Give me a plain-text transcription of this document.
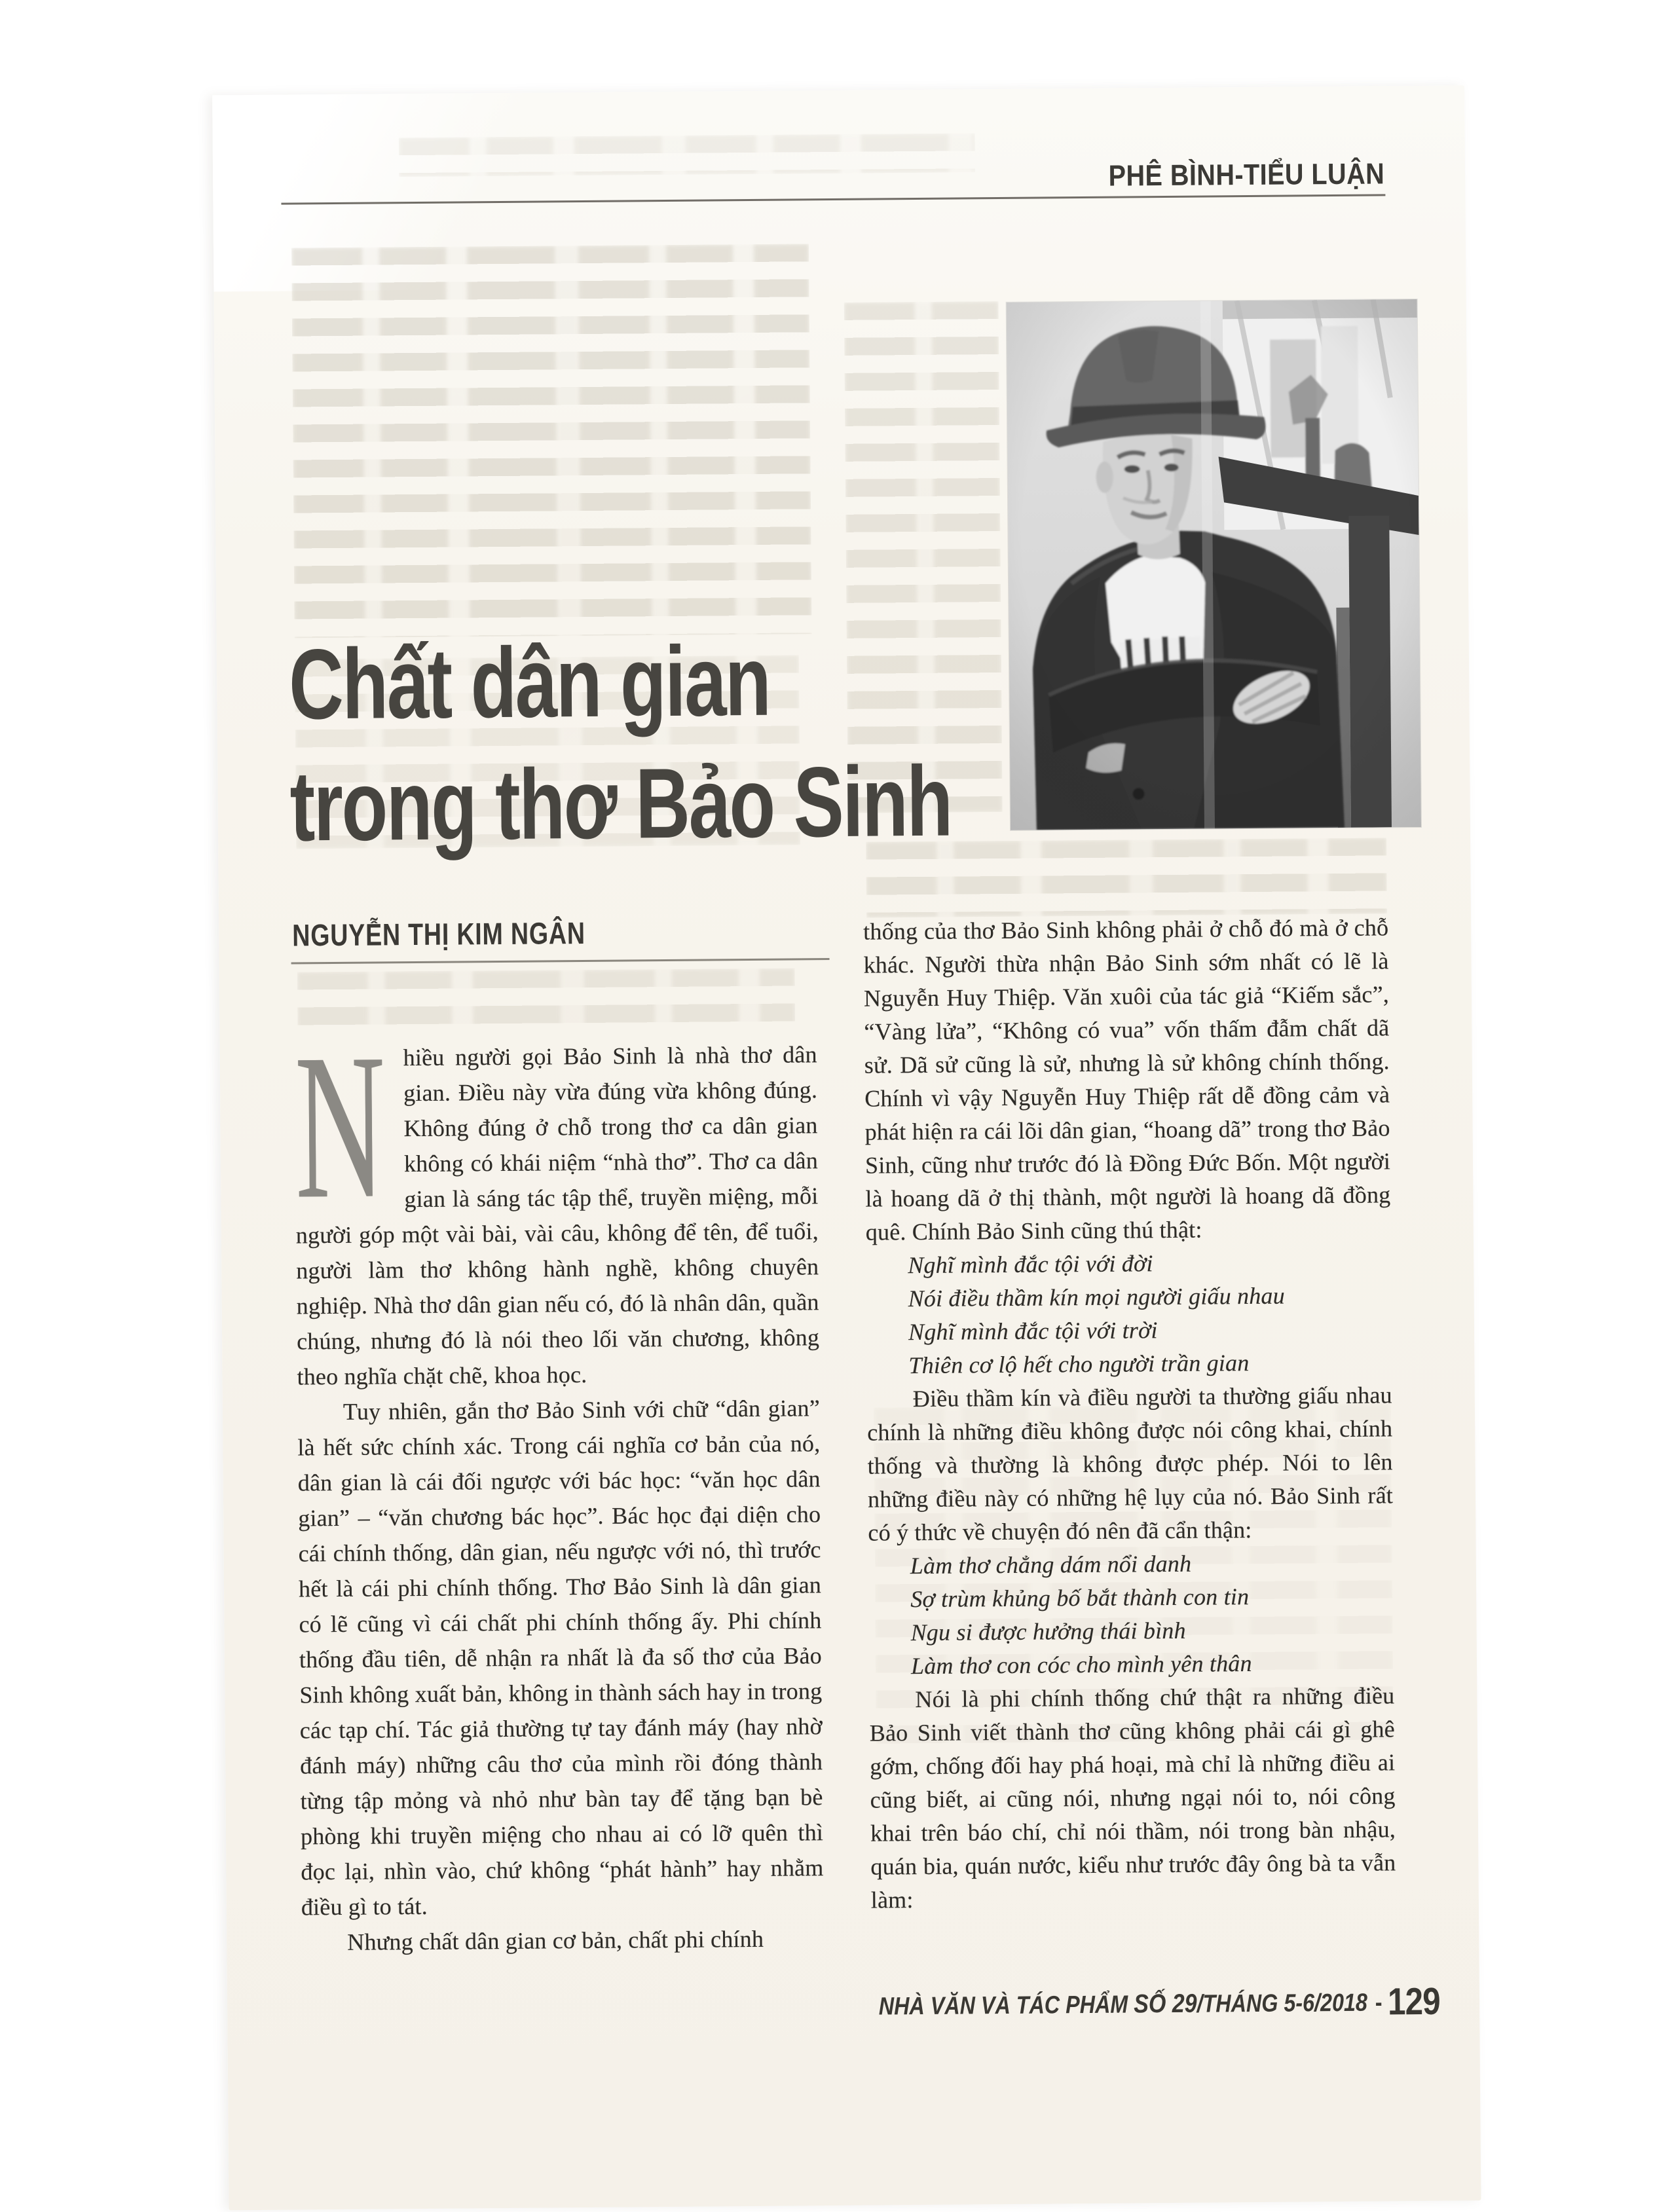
PHÊ BÌNH-TIỂU LUẬN
Chất dân gian
trong thơ Bảo Sinh
NGUYỄN THỊ KIM NGÂN

N hiều người gọi Bảo Sinh là nhà thơ dân gian. Điều này vừa đúng vừa không đúng. Không đúng ở chỗ trong thơ ca dân gian không có khái niệm “nhà thơ”. Thơ ca dân gian là sáng tác tập thể, truyền miệng, mỗi người góp một vài bài, vài câu, không để tên, để tuổi, người làm thơ không hành nghề, không chuyên nghiệp. Nhà thơ dân gian nếu có, đó là nhân dân, quần chúng, nhưng đó là nói theo lối văn chương, không theo nghĩa chặt chẽ, khoa học.

Tuy nhiên, gắn thơ Bảo Sinh với chữ “dân gian” là hết sức chính xác. Trong cái nghĩa cơ bản của nó, dân gian là cái đối ngược với bác học: “văn học dân gian” – “văn chương bác học”. Bác học đại diện cho cái chính thống, dân gian, nếu ngược với nó, thì trước hết là cái phi chính thống. Thơ Bảo Sinh là dân gian có lẽ cũng vì cái chất phi chính thống ấy. Phi chính thống đầu tiên, dễ nhận ra nhất là đa số thơ của Bảo Sinh không xuất bản, không in thành sách hay in trong các tạp chí. Tác giả thường tự tay đánh máy (hay nhờ đánh máy) những câu thơ của mình rồi đóng thành từng tập mỏng và nhỏ như bàn tay để tặng bạn bè phòng khi truyền miệng cho nhau ai có lỡ quên thì đọc lại, nhìn vào, chứ không “phát hành” hay nhằm điều gì to tát.

Nhưng chất dân gian cơ bản, chất phi chính

thống của thơ Bảo Sinh không phải ở chỗ đó mà ở chỗ khác. Người thừa nhận Bảo Sinh sớm nhất có lẽ là Nguyễn Huy Thiệp. Văn xuôi của tác giả “Kiếm sắc”, “Vàng lửa”, “Không có vua” vốn thấm đẫm chất dã sử. Dã sử cũng là sử, nhưng là sử không chính thống. Chính vì vậy Nguyễn Huy Thiệp rất dễ đồng cảm và phát hiện ra cái lõi dân gian, “hoang dã” trong thơ Bảo Sinh, cũng như trước đó là Đồng Đức Bốn. Một người là hoang dã ở thị thành, một người là hoang dã đồng quê. Chính Bảo Sinh cũng thú thật:

Nghĩ mình đắc tội với đời
Nói điều thầm kín mọi người giấu nhau
Nghĩ mình đắc tội với trời
Thiên cơ lộ hết cho người trần gian

Điều thầm kín và điều người ta thường giấu nhau chính là những điều không được nói công khai, chính thống và thường là không được phép. Nói to lên những điều này có những hệ lụy của nó. Bảo Sinh rất có ý thức về chuyện đó nên đã cẩn thận:

Làm thơ chẳng dám nổi danh
Sợ trùm khủng bố bắt thành con tin
Ngu si được hưởng thái bình
Làm thơ con cóc cho mình yên thân

Nói là phi chính thống chứ thật ra những điều Bảo Sinh viết thành thơ cũng không phải cái gì ghê gớm, chống đối hay phá hoại, mà chỉ là những điều ai cũng biết, ai cũng nói, nhưng ngại nói to, nói công khai trên báo chí, chỉ nói thầm, nói trong bàn nhậu, quán bia, quán nước, kiểu như trước đây ông bà ta vẫn làm:

NHÀ VĂN VÀ TÁC PHẨM SỐ 29/THÁNG 5-6/2018 - 129
